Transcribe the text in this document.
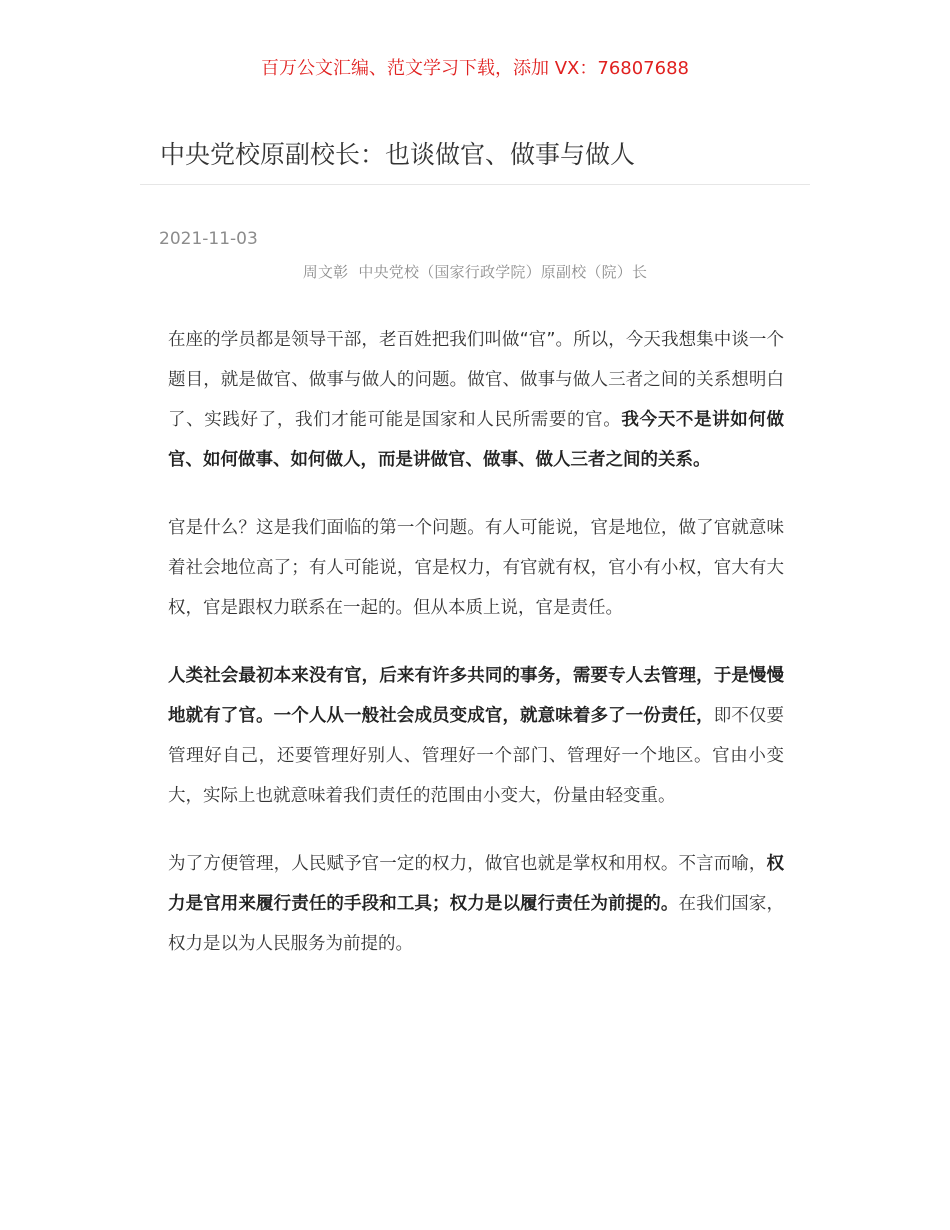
百万公文汇编、范文学习下载，添加 VX：76807688
中央党校原副校长：也谈做官、做事与做人
2021-11-03
周文彰 中央党校（国家行政学院）原副校（院）长

在座的学员都是领导干部，老百姓把我们叫做“官”。所以，今天我想集中谈一个题目，就是做官、做事与做人的问题。做官、做事与做人三者之间的关系想明白了、实践好了，我们才能可能是国家和人民所需要的官。我今天不是讲如何做官、如何做事、如何做人，而是讲做官、做事、做人三者之间的关系。

官是什么？这是我们面临的第一个问题。有人可能说，官是地位，做了官就意味着社会地位高了；有人可能说，官是权力，有官就有权，官小有小权，官大有大权，官是跟权力联系在一起的。但从本质上说，官是责任。

人类社会最初本来没有官，后来有许多共同的事务，需要专人去管理，于是慢慢地就有了官。一个人从一般社会成员变成官，就意味着多了一份责任，即不仅要管理好自己，还要管理好别人、管理好一个部门、管理好一个地区。官由小变大，实际上也就意味着我们责任的范围由小变大，份量由轻变重。

为了方便管理，人民赋予官一定的权力，做官也就是掌权和用权。不言而喻，权力是官用来履行责任的手段和工具；权力是以履行责任为前提的。在我们国家，权力是以为人民服务为前提的。
